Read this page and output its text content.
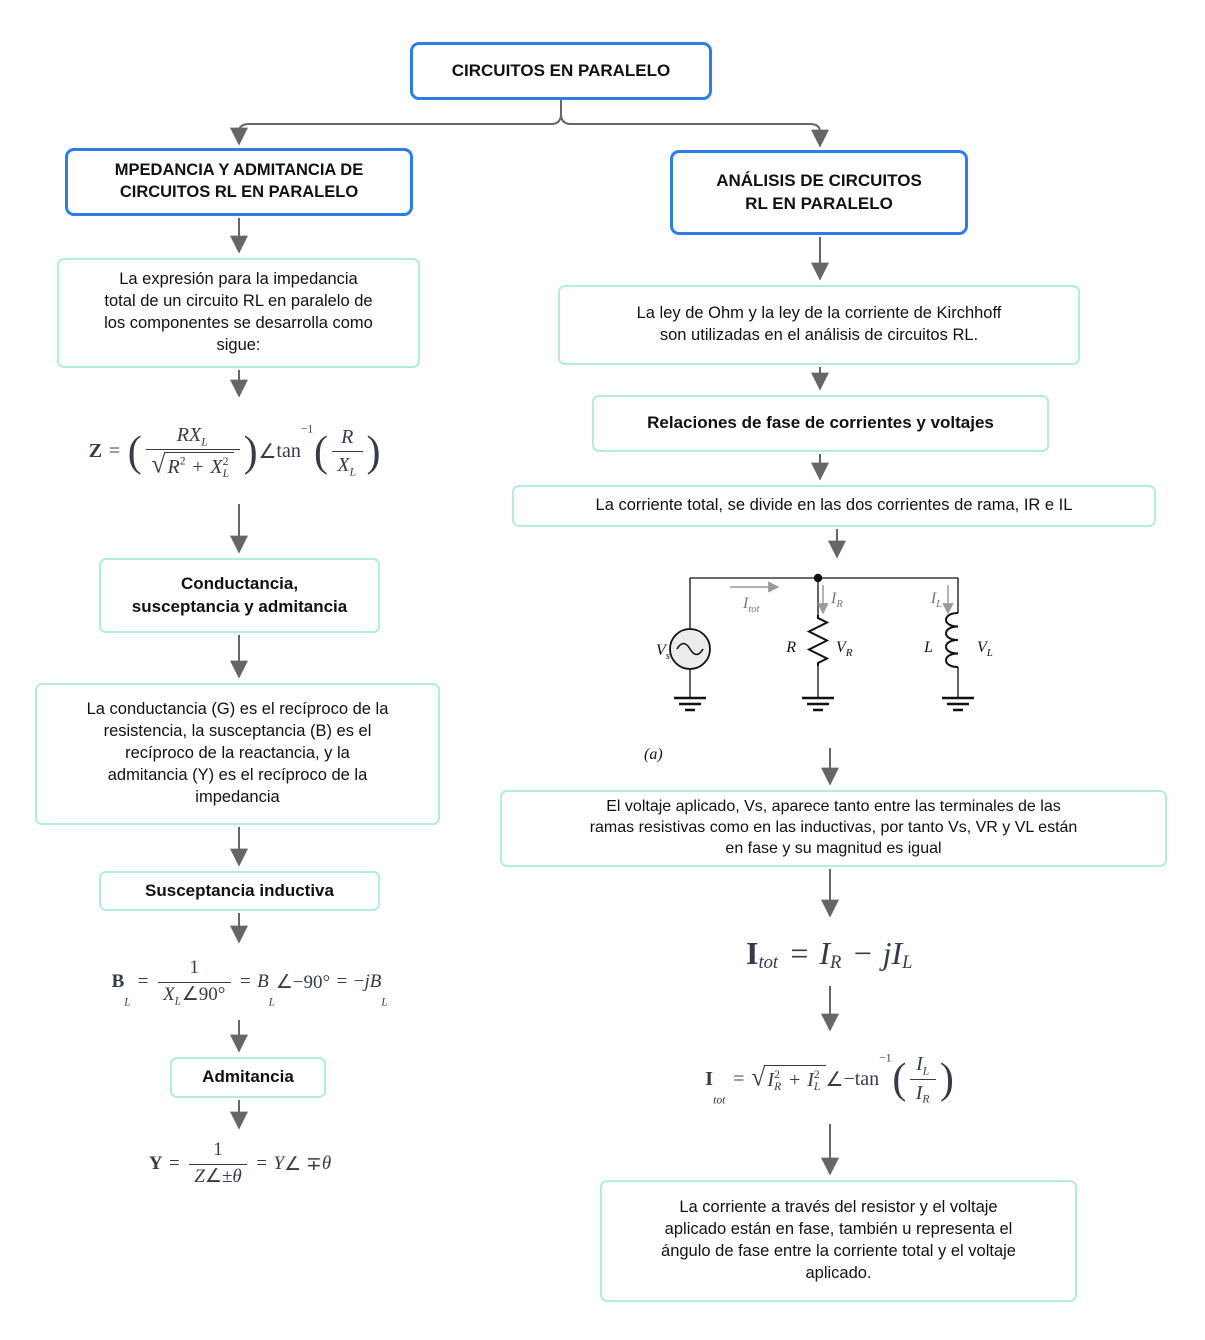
CIRCUITOS EN PARALELO
MPEDANCIA Y ADMITANCIA DE
CIRCUITOS RL EN PARALELO
La expresión para la impedancia
total de un circuito RL en paralelo de
los componentes se desarrolla como
sigue:
Z = ( RX L
√ R 2 + X 2
L ) ∠ tan
−1 ( R
X L )
Conductancia,
susceptancia y admitancia
La conductancia (G) es el recíproco de la
resistencia, la susceptancia (B) es el
recíproco de la reactancia, y la
admitancia (Y) es el recíproco de la
impedancia
Susceptancia inductiva
B
L
= $\frac{1}{\text{X L ∠90°}} = B$
L
∠−90° = − jB
L
Admitancia
$Y = \frac{1}{Z \angle\pm \theta} = Y$ ∠ ∓ θ
ANÁLISIS DE CIRCUITOS
RL EN PARALELO
La ley de Ohm y la ley de la corriente de Kirchhoff
son utilizadas en el análisis de circuitos RL.
Relaciones de fase de corrientes y voltajes
La corriente total, se divide en las dos corrientes de rama, IR e IL
$V_s$
$I_{tot}$
$I_R$	$I_L$
R	$V_R$	L	$V_L$
(a)
El voltaje aplicado, Vs, aparece tanto entre las terminales de las
ramas resistivas como en las inductivas, por tanto Vs, VR y VL están
en fase y su magnitud es igual
I tot = I R − jI L
I
tot
= √ I 2
R + I 2
L ∠ −tan
−1 ( I L
I R )
La corriente a través del resistor y el voltaje
aplicado están en fase, también u representa el
ángulo de fase entre la corriente total y el voltaje
aplicado.
